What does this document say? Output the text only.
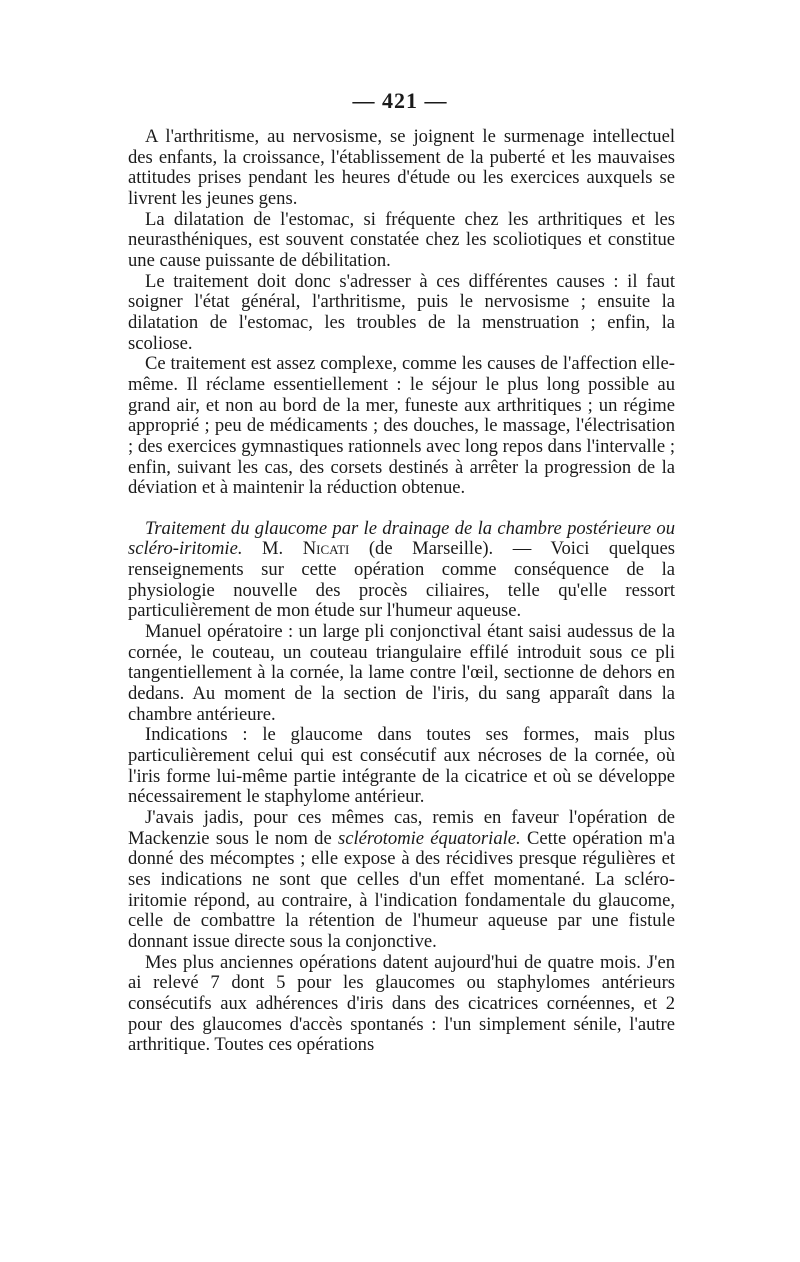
— 421 —

A l'arthritisme, au nervosisme, se joignent le surmenage intellectuel des enfants, la croissance, l'établissement de la puberté et les mauvaises attitudes prises pendant les heures d'étude ou les exercices auxquels se livrent les jeunes gens.

La dilatation de l'estomac, si fréquente chez les arthritiques et les neurasthéniques, est souvent constatée chez les scoliotiques et constitue une cause puissante de débilitation.

Le traitement doit donc s'adresser à ces différentes causes : il faut soigner l'état général, l'arthritisme, puis le nervosisme ; ensuite la dilatation de l'estomac, les troubles de la menstruation ; enfin, la scoliose.

Ce traitement est assez complexe, comme les causes de l'affection elle-même. Il réclame essentiellement : le séjour le plus long possible au grand air, et non au bord de la mer, funeste aux arthritiques ; un régime approprié ; peu de médicaments ; des douches, le massage, l'électrisation ; des exercices gymnastiques rationnels avec long repos dans l'intervalle ; enfin, suivant les cas, des corsets destinés à arrêter la progression de la déviation et à maintenir la réduction obtenue.

Traitement du glaucome par le drainage de la chambre postérieure ou scléro-iritomie. M. Nicati (de Marseille). — Voici quelques renseignements sur cette opération comme conséquence de la physiologie nouvelle des procès ciliaires, telle qu'elle ressort particulièrement de mon étude sur l'humeur aqueuse.

Manuel opératoire : un large pli conjonctival étant saisi audessus de la cornée, le couteau, un couteau triangulaire effilé introduit sous ce pli tangentiellement à la cornée, la lame contre l'œil, sectionne de dehors en dedans. Au moment de la section de l'iris, du sang apparaît dans la chambre antérieure.

Indications : le glaucome dans toutes ses formes, mais plus particulièrement celui qui est consécutif aux nécroses de la cornée, où l'iris forme lui-même partie intégrante de la cicatrice et où se développe nécessairement le staphylome antérieur.

J'avais jadis, pour ces mêmes cas, remis en faveur l'opération de Mackenzie sous le nom de sclérotomie équatoriale. Cette opération m'a donné des mécomptes ; elle expose à des récidives presque régulières et ses indications ne sont que celles d'un effet momentané. La scléro-iritomie répond, au contraire, à l'indication fondamentale du glaucome, celle de combattre la rétention de l'humeur aqueuse par une fistule donnant issue directe sous la conjonctive.

Mes plus anciennes opérations datent aujourd'hui de quatre mois. J'en ai relevé 7 dont 5 pour les glaucomes ou staphylomes antérieurs consécutifs aux adhérences d'iris dans des cicatrices cornéennes, et 2 pour des glaucomes d'accès spontanés : l'un simplement sénile, l'autre arthritique. Toutes ces opérations
